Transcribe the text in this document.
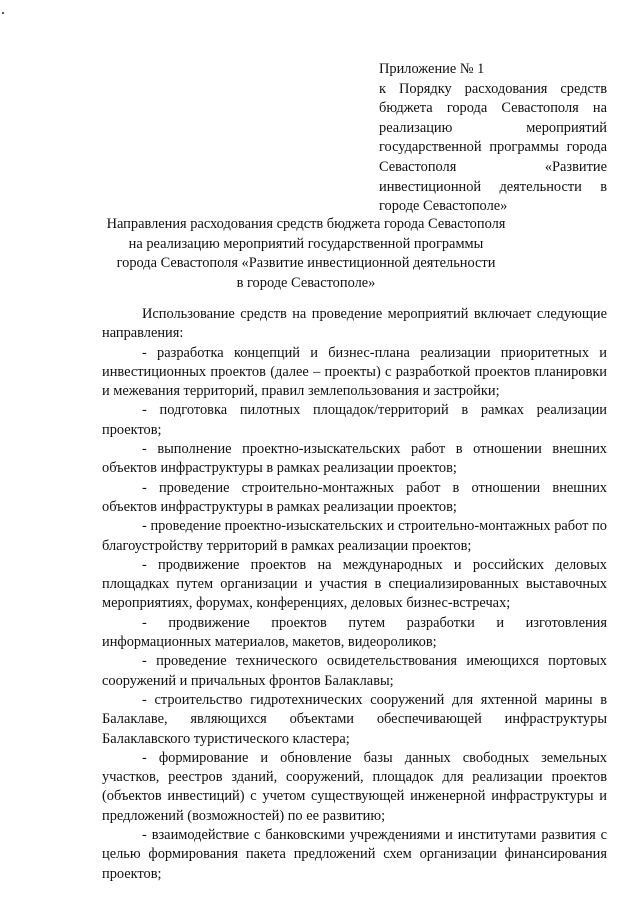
Приложение № 1
к Порядку расходования средств бюджета города Севастополя на реализацию мероприятий государственной программы города Севастополя «Развитие инвестиционной деятельности в городе Севастополе»
Направления расходования средств бюджета города Севастополя
на реализацию мероприятий государственной программы
города Севастополя «Развитие инвестиционной деятельности
в городе Севастополе»

Использование средств на проведение мероприятий включает следующие направления:

- разработка концепций и бизнес-плана реализации приоритетных и инвестиционных проектов (далее – проекты) с разработкой проектов планировки и межевания территорий, правил землепользования и застройки;

- подготовка пилотных площадок/территорий в рамках реализации проектов;

- выполнение проектно-изыскательских работ в отношении внешних объектов инфраструктуры в рамках реализации проектов;

- проведение строительно-монтажных работ в отношении внешних объектов инфраструктуры в рамках реализации проектов;

- проведение проектно-изыскательских и строительно-монтажных работ по благоустройству территорий в рамках реализации проектов;

- продвижение проектов на международных и российских деловых площадках путем организации и участия в специализированных выставочных мероприятиях, форумах, конференциях, деловых бизнес-встречах;

- продвижение проектов путем разработки и изготовления информационных материалов, макетов, видеороликов;

- проведение технического освидетельствования имеющихся портовых сооружений и причальных фронтов Балаклавы;

- строительство гидротехнических сооружений для яхтенной марины в Балаклаве, являющихся объектами обеспечивающей инфраструктуры Балаклавского туристического кластера;

- формирование и обновление базы данных свободных земельных участков, реестров зданий, сооружений, площадок для реализации проектов (объектов инвестиций) с учетом существующей инженерной инфраструктуры и предложений (возможностей) по ее развитию;

- взаимодействие с банковскими учреждениями и институтами развития с целью формирования пакета предложений схем организации финансирования проектов;
